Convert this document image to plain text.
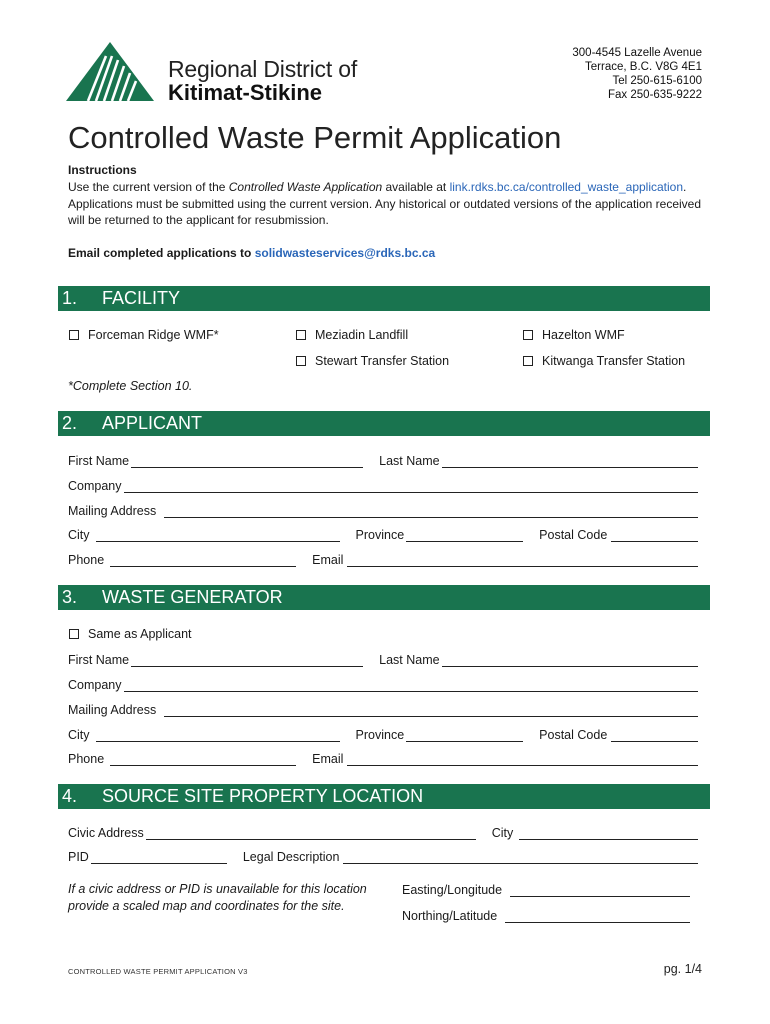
Regional District of
Kitimat-Stikine
300-4545 Lazelle Avenue
Terrace, B.C. V8G 4E1
Tel 250-615-6100
Fax 250-635-9222
Controlled Waste Permit Application
Instructions
Use the current version of the Controlled Waste Application available at link.rdks.bc.ca/controlled_waste_application. Applications must be submitted using the current version. Any historical or outdated versions of the application received will be returned to the applicant for resubmission.
Email completed applications to solidwasteservices@rdks.bc.ca
1. FACILITY
Forceman Ridge WMF*	Meziadin Landfill	Hazelton WMF
Stewart Transfer Station	Kitwanga Transfer Station
*Complete Section 10.
2. APPLICANT
First Name	Last Name
Company
Mailing Address
City	Province	Postal Code
Phone	Email
3. WASTE GENERATOR
Same as Applicant
First Name	Last Name
Company
Mailing Address
City	Province	Postal Code
Phone	Email
4. SOURCE SITE PROPERTY LOCATION
Civic Address	City
PID	Legal Description
If a civic address or PID is unavailable for this location
provide a scaled map and coordinates for the site.
Easting/Longitude
Northing/Latitude
CONTROLLED WASTE PERMIT APPLICATION V3	pg. 1/4
